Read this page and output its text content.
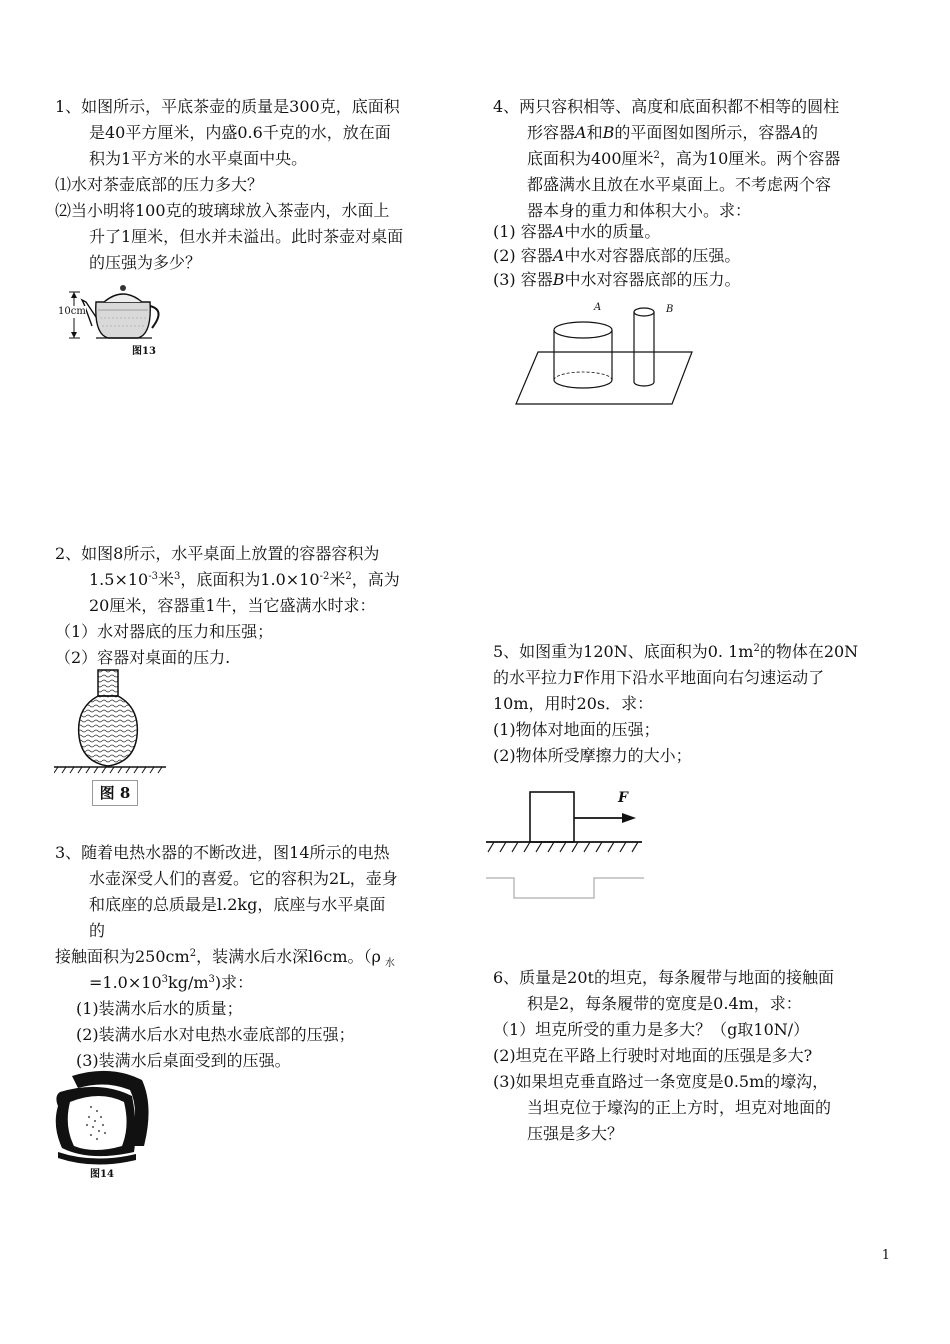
1、如图所示，平底茶壶的质量是300克，底面积
是40平方厘米，内盛0.6千克的水，放在面
积为1平方米的水平桌面中央。
⑴水对茶壶底部的压力多大？
⑵当小明将100克的玻璃球放入茶壶内，水面上
升了1厘米，但水并未溢出。此时茶壶对桌面
的压强为多少？
10cm
图13
2、如图8所示，水平桌面上放置的容器容积为
$1.5\times 10^{-3}$米$^3$，底面积为$1.0\times 10^{-2}$米$^2$，高为
20厘米，容器重1牛，当它盛满水时求：
（1）水对器底的压力和压强；
（2）容器对桌面的压力.
图 8
3、随着电热水器的不断改进，图14所示的电热
水壶深受人们的喜爱。它的容积为2L，壶身
和底座的总质最是l.2kg，底座与水平桌面
的
接触面积为$250cm^2$，装满水后水深l6cm。（ρ $_水$
$=1.0\times 10^3kg/m^3$)求：
(1)装满水后水的质量；
(2)装满水后水对电热水壶底部的压强；
(3)装满水后桌面受到的压强。
图14
4、两只容积相等、高度和底面积都不相等的圆柱
形容器A和B的平面图如图所示，容器A的
底面积为400厘米$^2$，高为10厘米。两个容器
都盛满水且放在水平桌面上。不考虑两个容
器本身的重力和体积大小。求：
(1) 容器A中水的质量。
(2) 容器A中水对容器底部的压强。
(3) 容器B中水对容器底部的压力。
A	B
5、如图重为120N、底面积为0. $1m^2$的物体在20N
的水平拉力F作用下沿水平地面向右匀速运动了
10m，用时20s．求：
(1)物体对地面的压强；
(2)物体所受摩擦力的大小；
F
6、质量是20t的坦克，每条履带与地面的接触面
积是2，每条履带的宽度是0.4m，求：
（1）坦克所受的重力是多大？（g取10N/）
(2)坦克在平路上行驶时对地面的压强是多大?
(3)如果坦克垂直路过一条宽度是0.5m的壕沟，
当坦克位于壕沟的正上方时，坦克对地面的
压强是多大？
1
